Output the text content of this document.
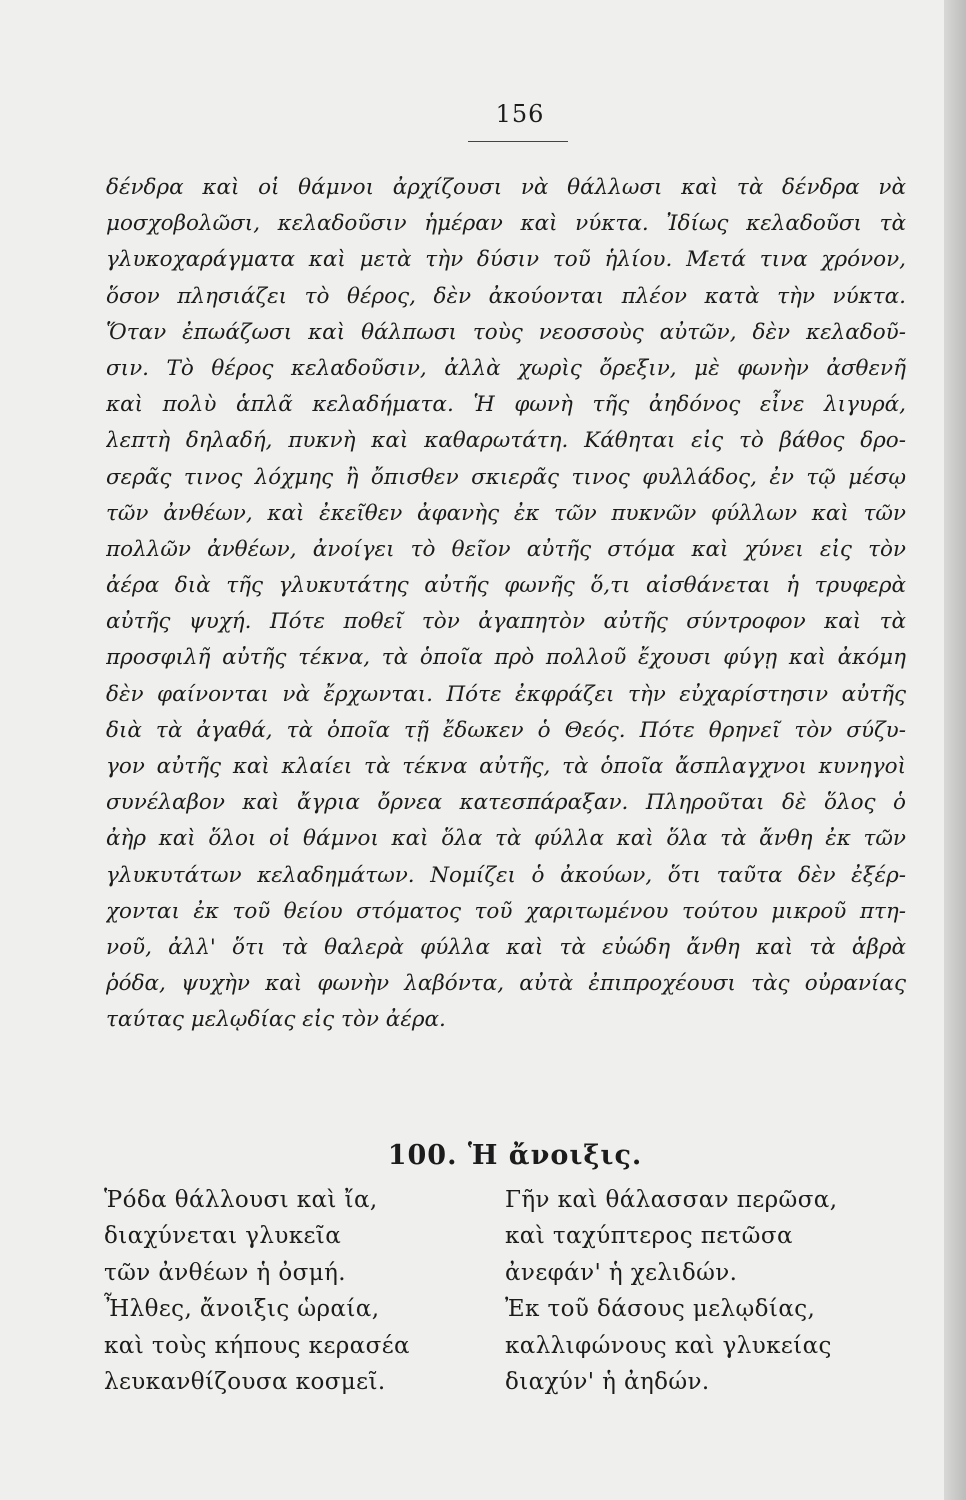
156
δένδρα καὶ οἱ θάμνοι ἀρχίζουσι νὰ θάλλωσι καὶ τὰ δένδρα νὰ
μοσχοβολῶσι, κελαδοῦσιν ἡμέραν καὶ νύκτα. Ἰδίως κελαδοῦσι τὰ
γλυκοχαράγματα καὶ μετὰ τὴν δύσιν τοῦ ἡλίου. Μετά τινα χρόνον,
ὅσον πλησιάζει τὸ θέρος, δὲν ἀκούονται πλέον κατὰ τὴν νύκτα.
Ὅταν ἐπωάζωσι καὶ θάλπωσι τοὺς νεοσσοὺς αὐτῶν, δὲν κελαδοῦ-
σιν. Τὸ θέρος κελαδοῦσιν, ἀλλὰ χωρὶς ὄρεξιν, μὲ φωνὴν ἀσθενῆ
καὶ πολὺ ἁπλᾶ κελαδήματα. Ἡ φωνὴ τῆς ἀηδόνος εἶνε λιγυρά,
λεπτὴ δηλαδή, πυκνὴ καὶ καθαρωτάτη. Κάθηται εἰς τὸ βάθος δρο-
σερᾶς τινος λόχμης ἢ ὄπισθεν σκιερᾶς τινος φυλλάδος, ἐν τῷ μέσῳ
τῶν ἀνθέων, καὶ ἐκεῖθεν ἀφανὴς ἐκ τῶν πυκνῶν φύλλων καὶ τῶν
πολλῶν ἀνθέων, ἀνοίγει τὸ θεῖον αὐτῆς στόμα καὶ χύνει εἰς τὸν
ἀέρα διὰ τῆς γλυκυτάτης αὐτῆς φωνῆς ὅ,τι αἰσθάνεται ἡ τρυφερὰ
αὐτῆς ψυχή. Πότε ποθεῖ τὸν ἀγαπητὸν αὐτῆς σύντροφον καὶ τὰ
προσφιλῆ αὐτῆς τέκνα, τὰ ὁποῖα πρὸ πολλοῦ ἔχουσι φύγῃ καὶ ἀκόμη
δὲν φαίνονται νὰ ἔρχωνται. Πότε ἐκφράζει τὴν εὐχαρίστησιν αὐτῆς
διὰ τὰ ἀγαθά, τὰ ὁποῖα τῇ ἔδωκεν ὁ Θεός. Πότε θρηνεῖ τὸν σύζυ-
γον αὐτῆς καὶ κλαίει τὰ τέκνα αὐτῆς, τὰ ὁποῖα ἄσπλαγχνοι κυνηγοὶ
συνέλαβον καὶ ἄγρια ὄρνεα κατεσπάραξαν. Πληροῦται δὲ ὅλος ὁ
ἀὴρ καὶ ὅλοι οἱ θάμνοι καὶ ὅλα τὰ φύλλα καὶ ὅλα τὰ ἄνθη ἐκ τῶν
γλυκυτάτων κελαδημάτων. Νομίζει ὁ ἀκούων, ὅτι ταῦτα δὲν ἐξέρ-
χονται ἐκ τοῦ θείου στόματος τοῦ χαριτωμένου τούτου μικροῦ πτη-
νοῦ, ἀλλ' ὅτι τὰ θαλερὰ φύλλα καὶ τὰ εὐώδη ἄνθη καὶ τὰ ἁβρὰ
ῥόδα, ψυχὴν καὶ φωνὴν λαβόντα, αὐτὰ ἐπιπροχέουσι τὰς οὐρανίας
ταύτας μελῳδίας εἰς τὸν ἀέρα.
100. Ἡ ἄνοιξις.
Ῥόδα θάλλουσι καὶ ἴα,
διαχύνεται γλυκεῖα
τῶν ἀνθέων ἡ ὀσμή.
Ἦλθες, ἄνοιξις ὡραία,
καὶ τοὺς κήπους κερασέα
λευκανθίζουσα κοσμεῖ.
Γῆν καὶ θάλασσαν περῶσα,
καὶ ταχύπτερος πετῶσα
ἀνεφάν' ἡ χελιδών.
Ἐκ τοῦ δάσους μελῳδίας,
καλλιφώνους καὶ γλυκείας
διαχύν' ἡ ἀηδών.
